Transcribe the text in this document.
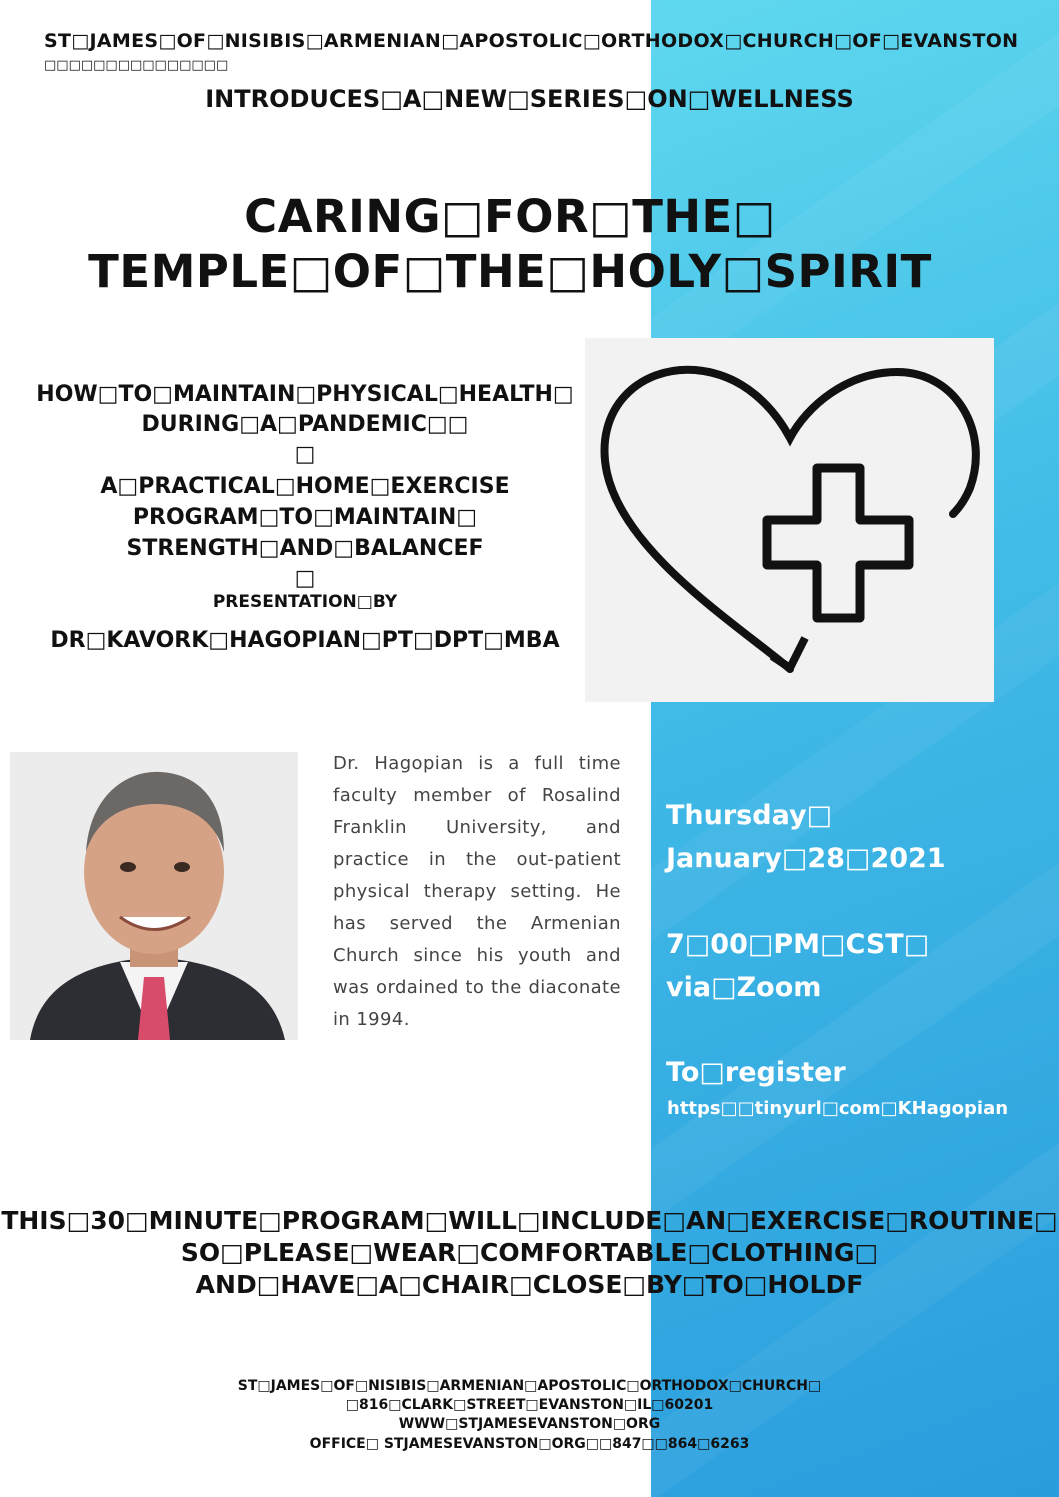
ST□JAMES□OF□NISIBIS□ARMENIAN□APOSTOLIC□ORTHODOX□CHURCH□OF□EVANSTON
□□□□□□□□□□□□□□□
INTRODUCES□A□NEW□SERIES□ON□WELLNESS
CARING□FOR□THE□
TEMPLE□OF□THE□HOLY□SPIRIT
HOW□TO□MAINTAIN□PHYSICAL□HEALTH□
DURING□A□PANDEMIC□□
□
A□PRACTICAL□HOME□EXERCISE
PROGRAM□TO□MAINTAIN□
STRENGTH□AND□BALANCEF
□
PRESENTATION□BY
DR□KAVORK□HAGOPIAN□PT□DPT□MBA
Dr. Hagopian is a full time faculty member of Rosalind Franklin University, and practice in the out-patient physical therapy setting. He has served the Armenian Church since his youth and was ordained to the diaconate in 1994.
Thursday□
January□28□2021
7□00□PM□CST□
via□Zoom
To□register
https□□tinyurl□com□KHagopian
THIS□30□MINUTE□PROGRAM□WILL□INCLUDE□AN□EXERCISE□ROUTINE□
SO□PLEASE□WEAR□COMFORTABLE□CLOTHING□
AND□HAVE□A□CHAIR□CLOSE□BY□TO□HOLDF
ST□JAMES□OF□NISIBIS□ARMENIAN□APOSTOLIC□ORTHODOX□CHURCH□
□816□CLARK□STREET□EVANSTON□IL□60201
WWW□STJAMESEVANSTON□ORG
OFFICE□ STJAMESEVANSTON□ORG□□847□□864□6263
